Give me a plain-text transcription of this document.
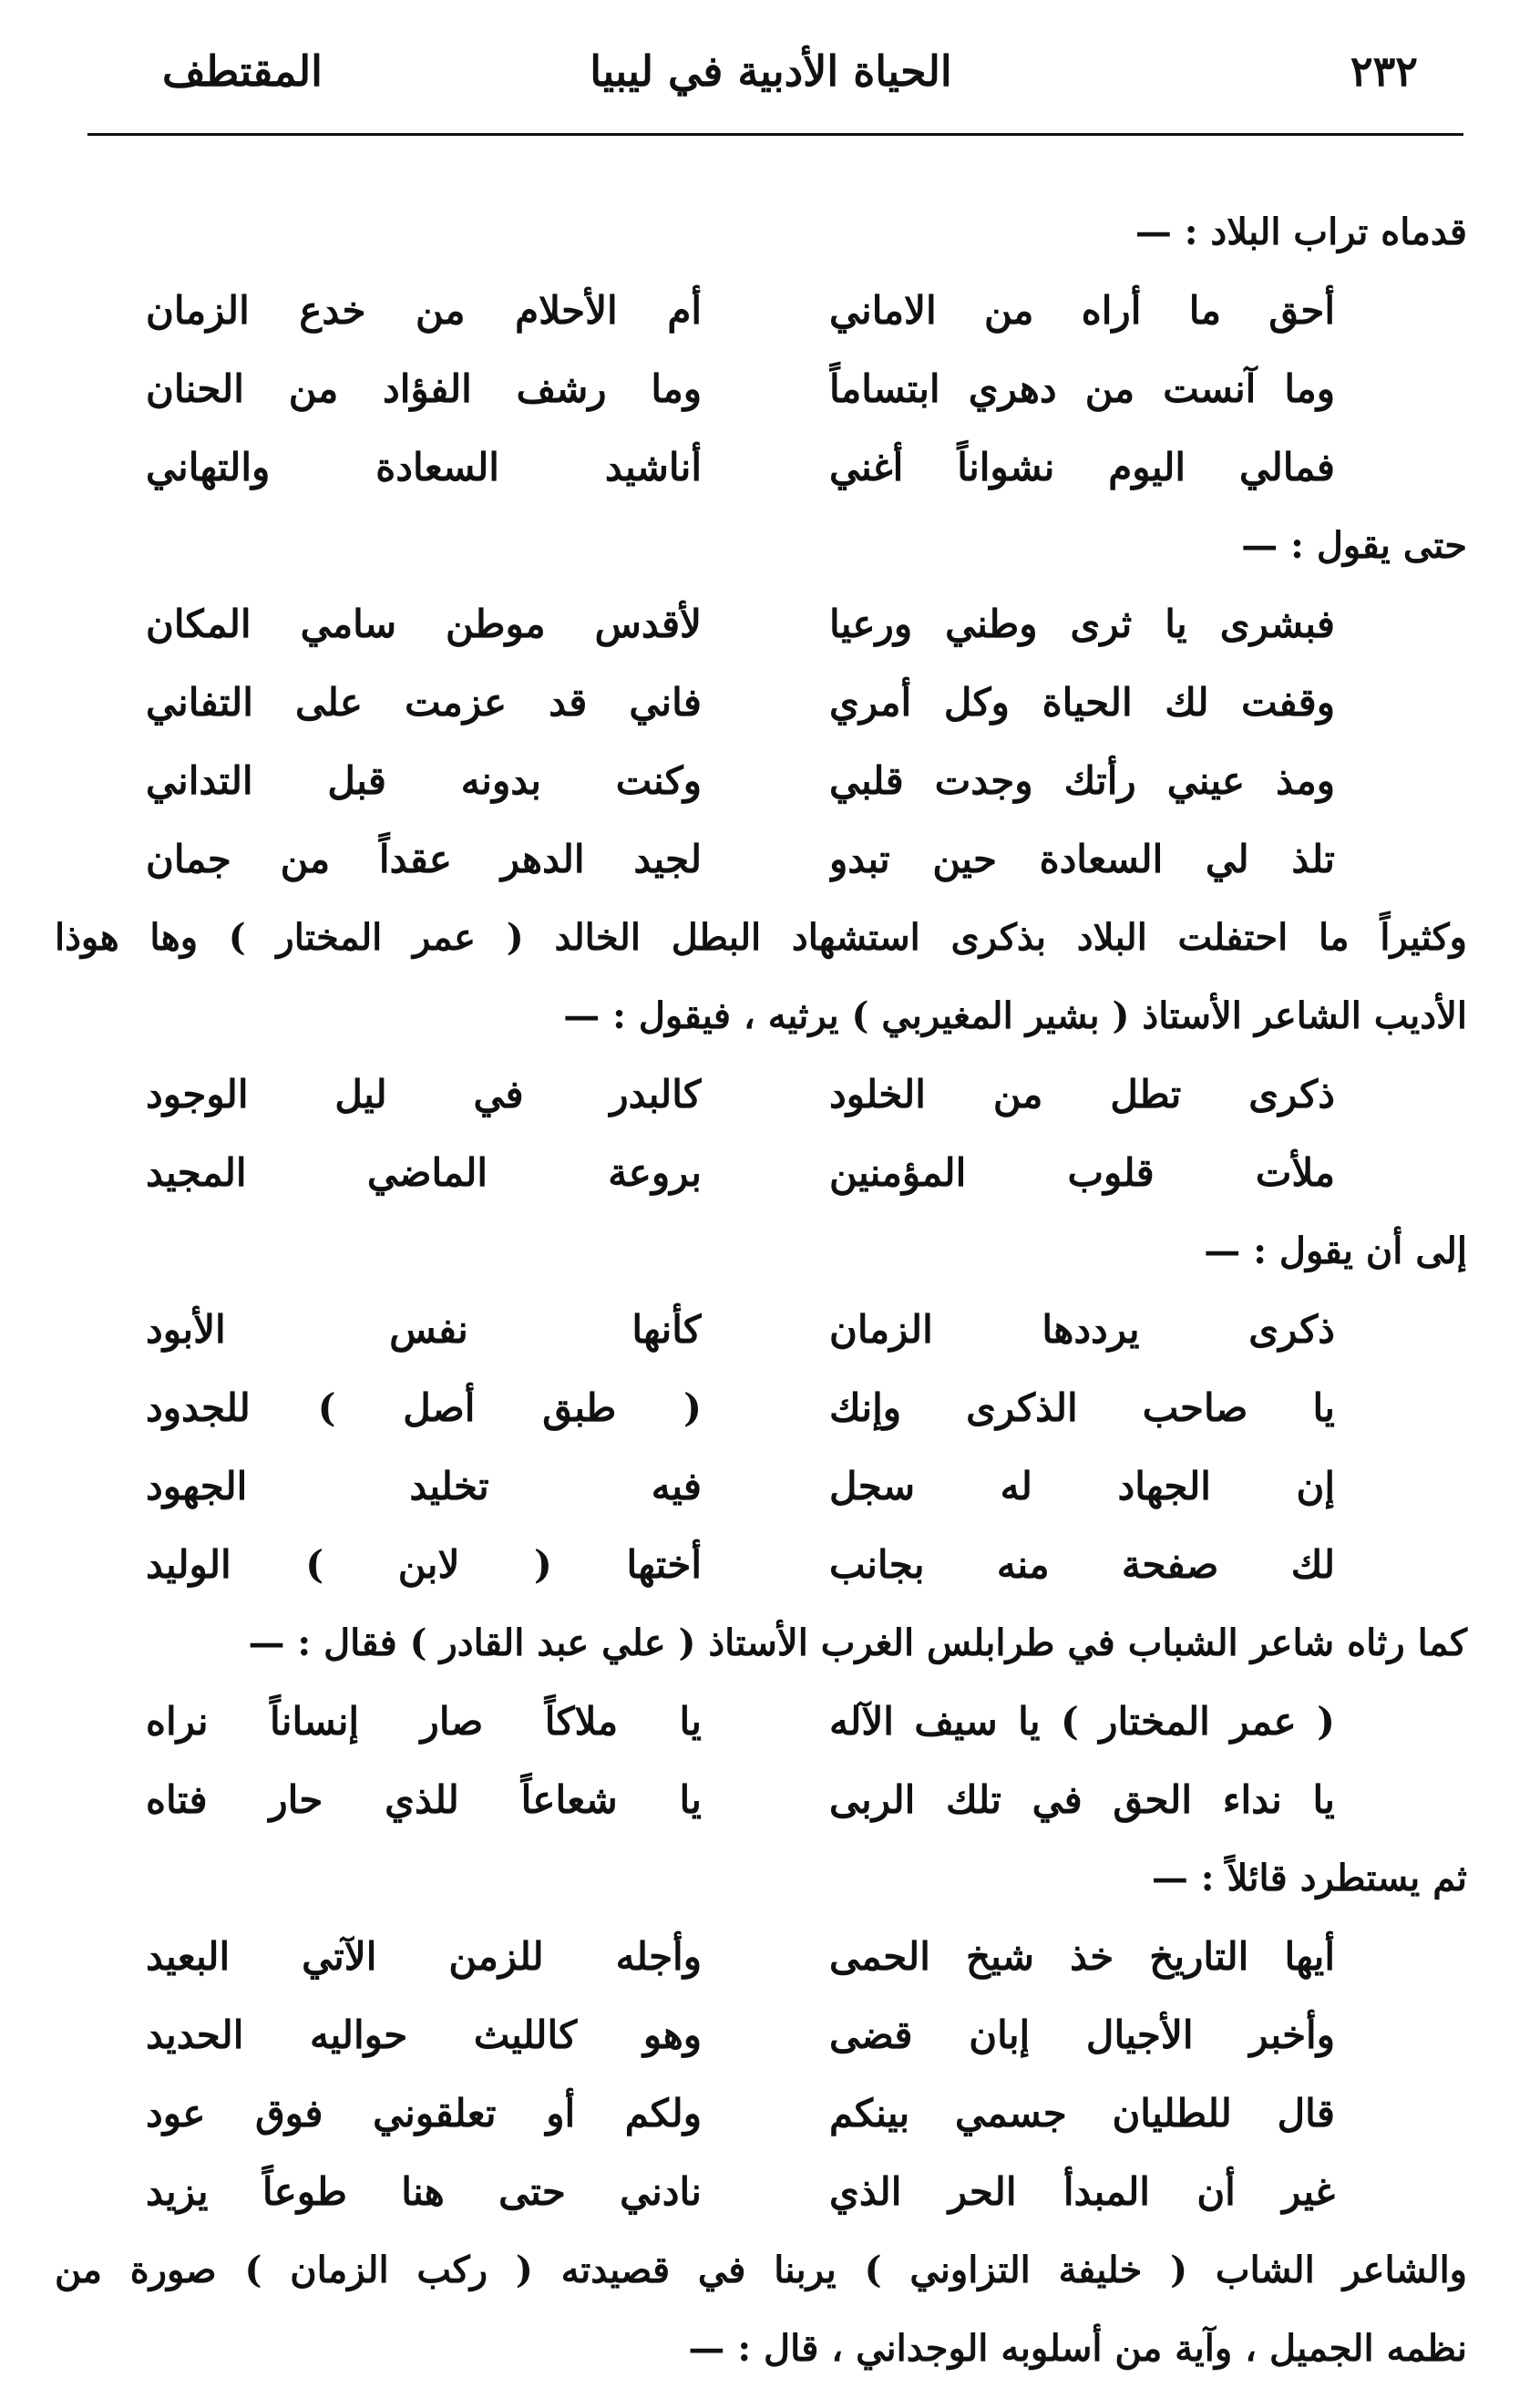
٢٣٢
الحياة الأدبية في ليبيا
المقتطف
قدماه تراب البلاد : —
أحق ما أراه من الاماني
أم الأحلام من خدع الزمان
وما آنست من دهري ابتساماً
وما رشف الفؤاد من الحنان
فمالي اليوم نشواناً أغني
أناشيد السعادة والتهاني
حتى يقول : —
فبشرى يا ثرى وطني ورعيا
لأقدس موطن سامي المكان
وقفت لك الحياة وكل أمري
فاني قد عزمت على التفاني
ومذ عيني رأتك وجدت قلبي
وكنت بدونه قبل التداني
تلذ لي السعادة حين تبدو
لجيد الدهر عقداً من جمان
وكثيراً ما احتفلت البلاد بذكرى استشهاد البطل الخالد ( عمر المختار ) وها هوذا
الأديب الشاعر الأستاذ ( بشير المغيربي ) يرثيه ، فيقول : —
ذكرى تطل من الخلود
كالبدر في ليل الوجود
ملأت قلوب المؤمنين
بروعة الماضي المجيد
إلى أن يقول : —
ذكرى يرددها الزمان
كأنها نفس الأبود
يا صاحب الذكرى وإنك
( طبق أصل ) للجدود
إن الجهاد له سجل
فيه تخليد الجهود
لك صفحة منه بجانب
أختها ( لابن ) الوليد
كما رثاه شاعر الشباب في طرابلس الغرب الأستاذ ( علي عبد القادر ) فقال : —
( عمر المختار ) يا سيف الآله
يا ملاكاً صار إنساناً نراه
يا نداء الحق في تلك الربى
يا شعاعاً للذي حار فتاه
ثم يستطرد قائلاً : —
أيها التاريخ خذ شيخ الحمى
وأجله للزمن الآتي البعيد
وأخبر الأجيال إبان قضى
وهو كالليث حواليه الحديد
قال للطليان جسمي بينكم
ولكم أو تعلقوني فوق عود
غير أن المبدأ الحر الذي
نادني حتى هنا طوعاً يزيد
والشاعر الشاب ( خليفة التزاوني ) يربنا في قصيدته ( ركب الزمان ) صورة من
نظمه الجميل ، وآية من أسلوبه الوجداني ، قال : —
